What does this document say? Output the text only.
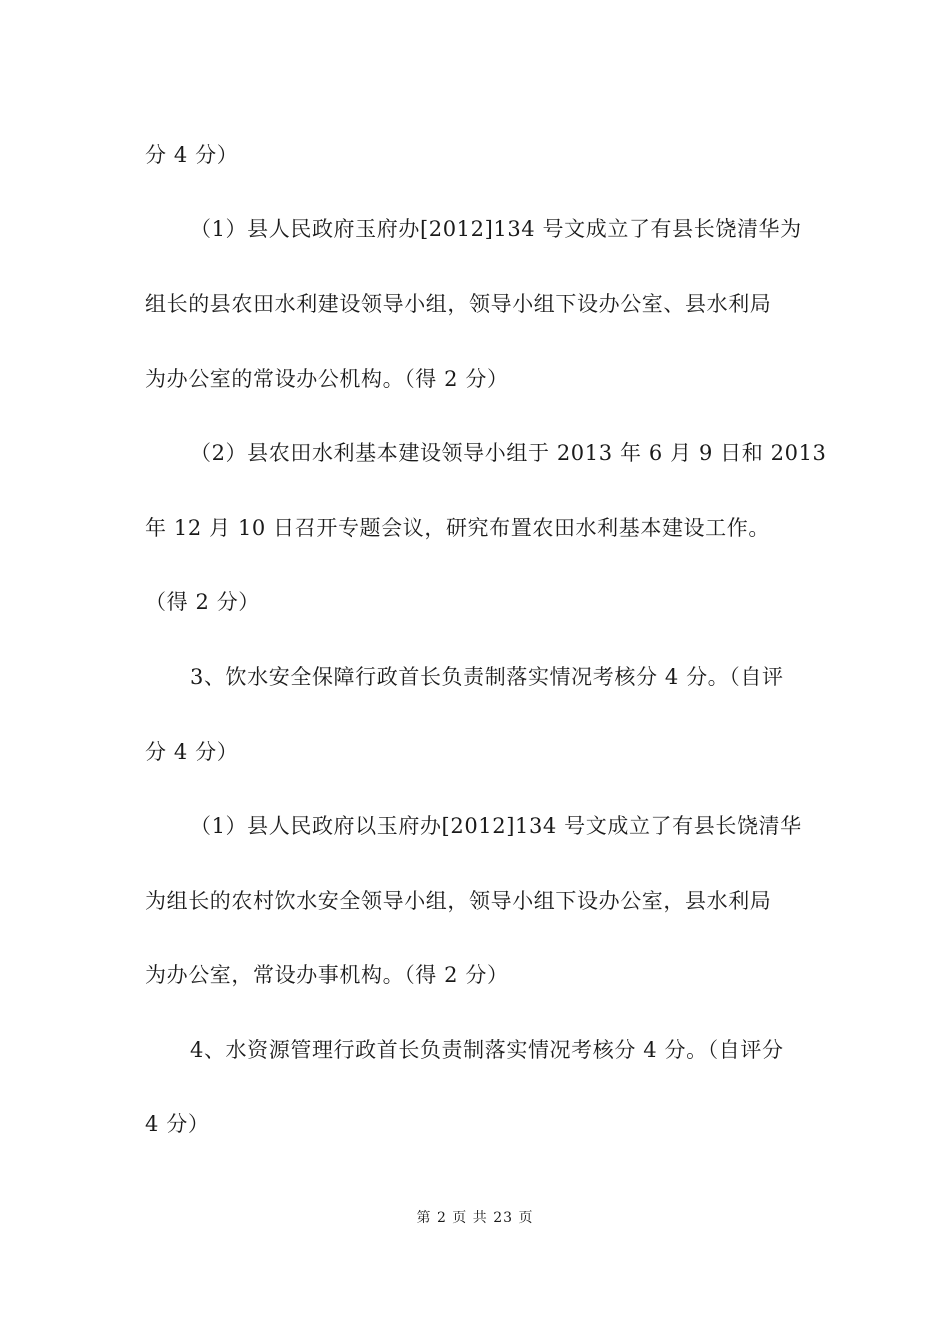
分 4 分）
（1）县人民政府玉府办[2012]134 号文成立了有县长饶清华为
组长的县农田水利建设领导小组，领导小组下设办公室、县水利局
为办公室的常设办公机构。（得 2 分）
（2）县农田水利基本建设领导小组于 2013 年 6 月 9 日和 2013
年 12 月 10 日召开专题会议，研究布置农田水利基本建设工作。
（得 2 分）
3、饮水安全保障行政首长负责制落实情况考核分 4 分。（自评
分 4 分）
（1）县人民政府以玉府办[2012]134 号文成立了有县长饶清华
为组长的农村饮水安全领导小组，领导小组下设办公室，县水利局
为办公室，常设办事机构。（得 2 分）
4、水资源管理行政首长负责制落实情况考核分 4 分。（自评分
4 分）
第 2 页 共 23 页
